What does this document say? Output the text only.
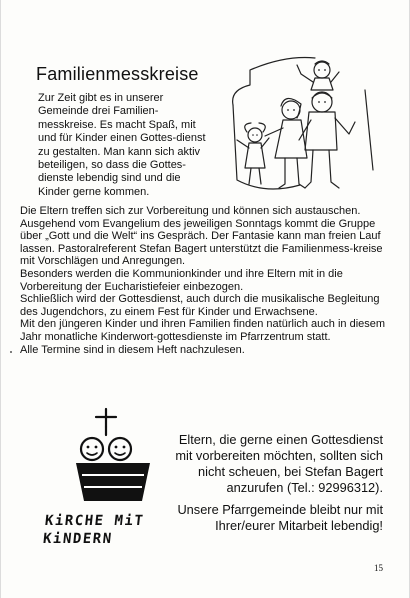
Familienmesskreise

Zur Zeit gibt es in unserer Gemeinde drei Familien-messkreise. Es macht Spaß, mit und für Kinder einen Gottes-dienst zu gestalten. Man kann sich aktiv beteiligen, so dass die Gottes-dienste lebendig sind und die Kinder gerne kommen.

Die Eltern treffen sich zur Vorbereitung und können sich austauschen. Ausgehend vom Evangelium des jeweiligen Sonntags kommt die Gruppe über „Gott und die Welt“ ins Gespräch. Der Fantasie kann man freien Lauf lassen. Pastoralreferent Stefan Bagert unterstützt die Familienmess-kreise mit Vorschlägen und Anregungen.

Besonders werden die Kommunionkinder und ihre Eltern mit in die Vorbereitung der Eucharistiefeier einbezogen.

Schließlich wird der Gottesdienst, auch durch die musikalische Begleitung des Jugendchors, zu einem Fest für Kinder und Erwachsene.

Mit den jüngeren Kinder und ihren Familien finden natürlich auch in diesem Jahr monatliche Kinderwort-gottesdienste im Pfarrzentrum statt.

Alle Termine sind in diesem Heft nachzulesen.

KiRCHE MiT
KiNDERN

Eltern, die gerne einen Gottesdienst mit vorbereiten möchten, sollten sich nicht scheuen, bei Stefan Bagert anzurufen (Tel.: 92996312).

Unsere Pfarrgemeinde bleibt nur mit Ihrer/eurer Mitarbeit lebendig!

15
